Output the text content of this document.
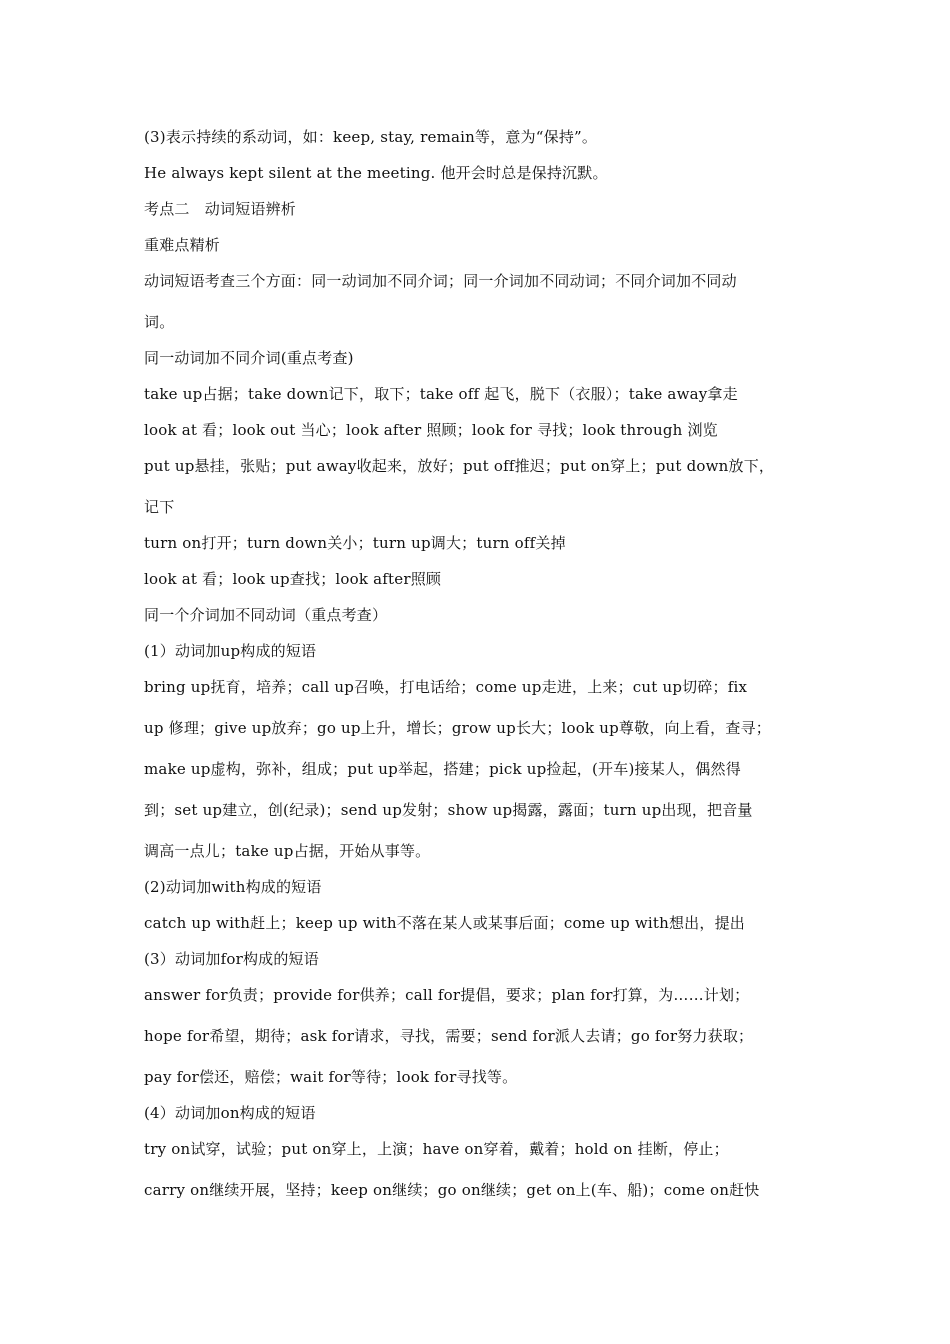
(3)表示持续的系动词，如：keep, stay, remain等，意为“保持”。
He always kept silent at the meeting. 他开会时总是保持沉默。
考点二　动词短语辨析
重难点精析
动词短语考查三个方面：同一动词加不同介词；同一介词加不同动词；不同介词加不同动
词。
同一动词加不同介词(重点考查)
take up占据；take down记下，取下；take off 起飞，脱下（衣服）；take away拿走
look at 看；look out 当心；look after 照顾；look for 寻找；look through 浏览
put up悬挂，张贴；put away收起来，放好；put off推迟；put on穿上；put down放下，
记下
turn on打开；turn down关小；turn up调大；turn off关掉
look at 看；look up查找；look after照顾
同一个介词加不同动词（重点考查）
(1）动词加up构成的短语
bring up抚育，培养；call up召唤，打电话给；come up走进，上来；cut up切碎；fix
up 修理；give up放弃；go up上升，增长；grow up长大；look up尊敬，向上看，查寻；
make up虚构，弥补，组成；put up举起，搭建；pick up捡起，(开车)接某人，偶然得
到；set up建立，创(纪录)；send up发射；show up揭露，露面；turn up出现，把音量
调高一点儿；take up占据，开始从事等。
(2)动词加with构成的短语
catch up with赶上；keep up with不落在某人或某事后面；come up with想出，提出
(3）动词加for构成的短语
answer for负责；provide for供养；call for提倡，要求；plan for打算，为……计划；
hope for希望，期待；ask for请求，寻找，需要；send for派人去请；go for努力获取；
pay for偿还，赔偿；wait for等待；look for寻找等。
(4）动词加on构成的短语
try on试穿，试验；put on穿上，上演；have on穿着，戴着；hold on 挂断，停止；
carry on继续开展，坚持；keep on继续；go on继续；get on上(车、船)；come on赶快
